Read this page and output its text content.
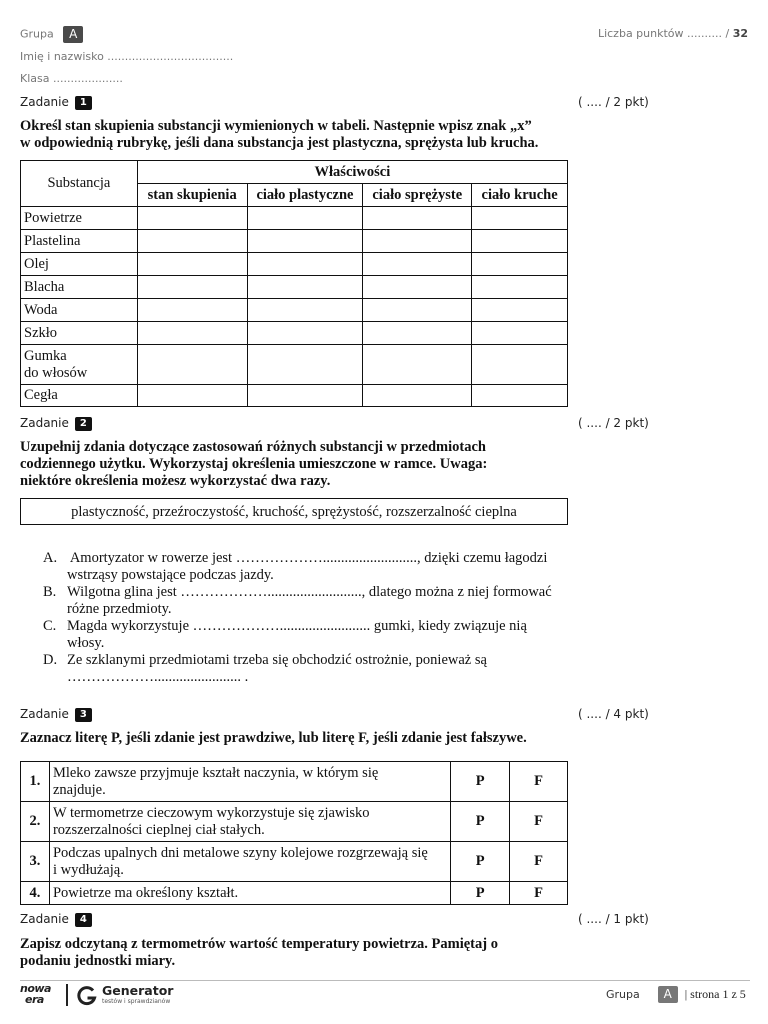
Grupa A
Imię i nazwisko ....................................
Klasa ....................
Liczba punktów .......... / 32
Zadanie 1	( .... / 2 pkt)
Określ stan skupienia substancji wymienionych w tabeli. Następnie wpisz znak „x”
w odpowiednią rubrykę, jeśli dana substancja jest plastyczna, sprężysta lub krucha.
Substancja	Właściwości			
	stan skupienia	ciało plastyczne	ciało sprężyste	ciało kruche
Powietrze				
Plastelina				
Olej				
Blacha				
Woda				
Szkło				

Gumka
do włosów				

Cegła				
Zadanie 2	( .... / 2 pkt)
Uzupełnij zdania dotyczące zastosowań różnych substancji w przedmiotach
codziennego użytku. Wykorzystaj określenia umieszczone w ramce. Uwaga:
niektóre określenia możesz wykorzystać dwa razy.
plastyczność, przeźroczystość, kruchość, sprężystość, rozszerzalność cieplna
A. Amortyzator w rowerze jest ……………….........................., dzięki czemu łagodzi
wstrząsy powstające podczas jazdy.
B. Wilgotna glina jest ……………….........................., dlatego można z niej formować
różne przedmioty.
C. Magda wykorzystuje ………………......................... gumki, kiedy związuje nią
włosy.
D. Ze szklanymi przedmiotami trzeba się obchodzić ostrożnie, ponieważ są
………………........................ .
Zadanie 3	( .... / 4 pkt)
Zaznacz literę P, jeśli zdanie jest prawdziwe, lub literę F, jeśli zdanie jest fałszywe.
1.	Mleko zawsze przyjmuje kształt naczynia, w którym się
znajduje.	P	F
2.	W termometrze cieczowym wykorzystuje się zjawisko
rozszerzalności cieplnej ciał stałych.	P	F
3.	Podczas upalnych dni metalowe szyny kolejowe rozgrzewają się
i wydłużają.	P	F
4.	Powietrze ma określony kształt.	P	F
Zadanie 4	( .... / 1 pkt)
Zapisz odczytaną z termometrów wartość temperatury powietrza. Pamiętaj o
podaniu jednostki miary.
nowa
era
Generator
testów i sprawdzianów
Grupa A | strona 1 z 5
